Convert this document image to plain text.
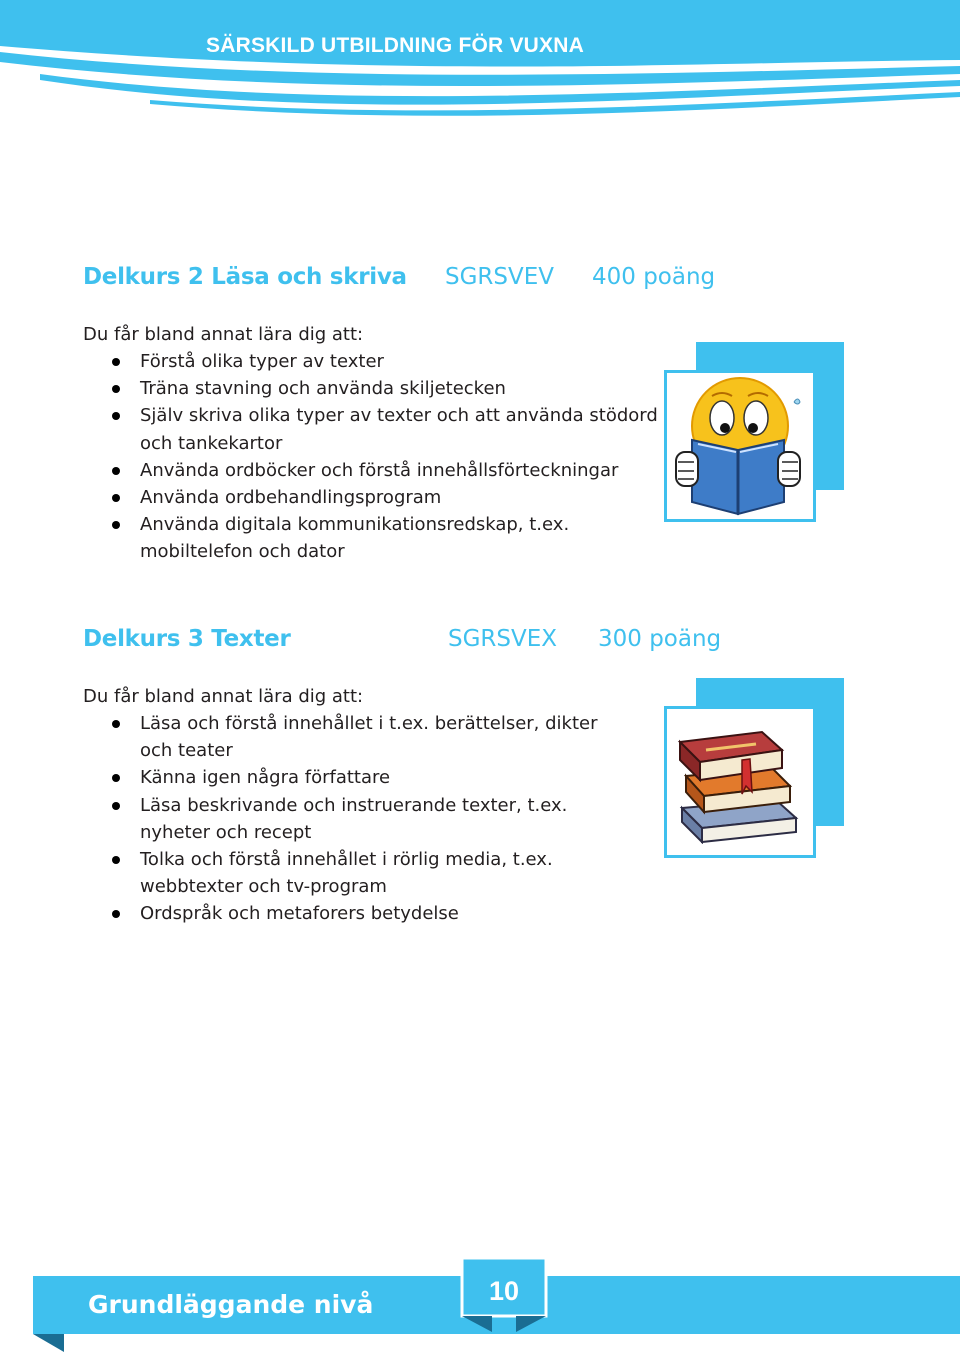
SÄRSKILD UTBILDNING FÖR VUXNA
Delkurs 2 Läsa och skriva SGRSVEV 400 poäng
Du får bland annat lära dig att:
Förstå olika typer av texter
Träna stavning och använda skiljetecken
Själv skriva olika typer av texter och att använda stödord och tankekartor
Använda ordböcker och förstå innehållsförteckningar
Använda ordbehandlingsprogram
Använda digitala kommunikationsredskap, t.ex. mobiltelefon och dator
Delkurs 3 Texter	SGRSVEX 300 poäng
Du får bland annat lära dig att:
Läsa och förstå innehållet i t.ex. berättelser, dikter och teater
Känna igen några författare
Läsa beskrivande och instruerande texter, t.ex. nyheter och recept
Tolka och förstå innehållet i rörlig media, t.ex. webbtexter och tv-program
Ordspråk och metaforers betydelse
Grundläggande nivå	10
